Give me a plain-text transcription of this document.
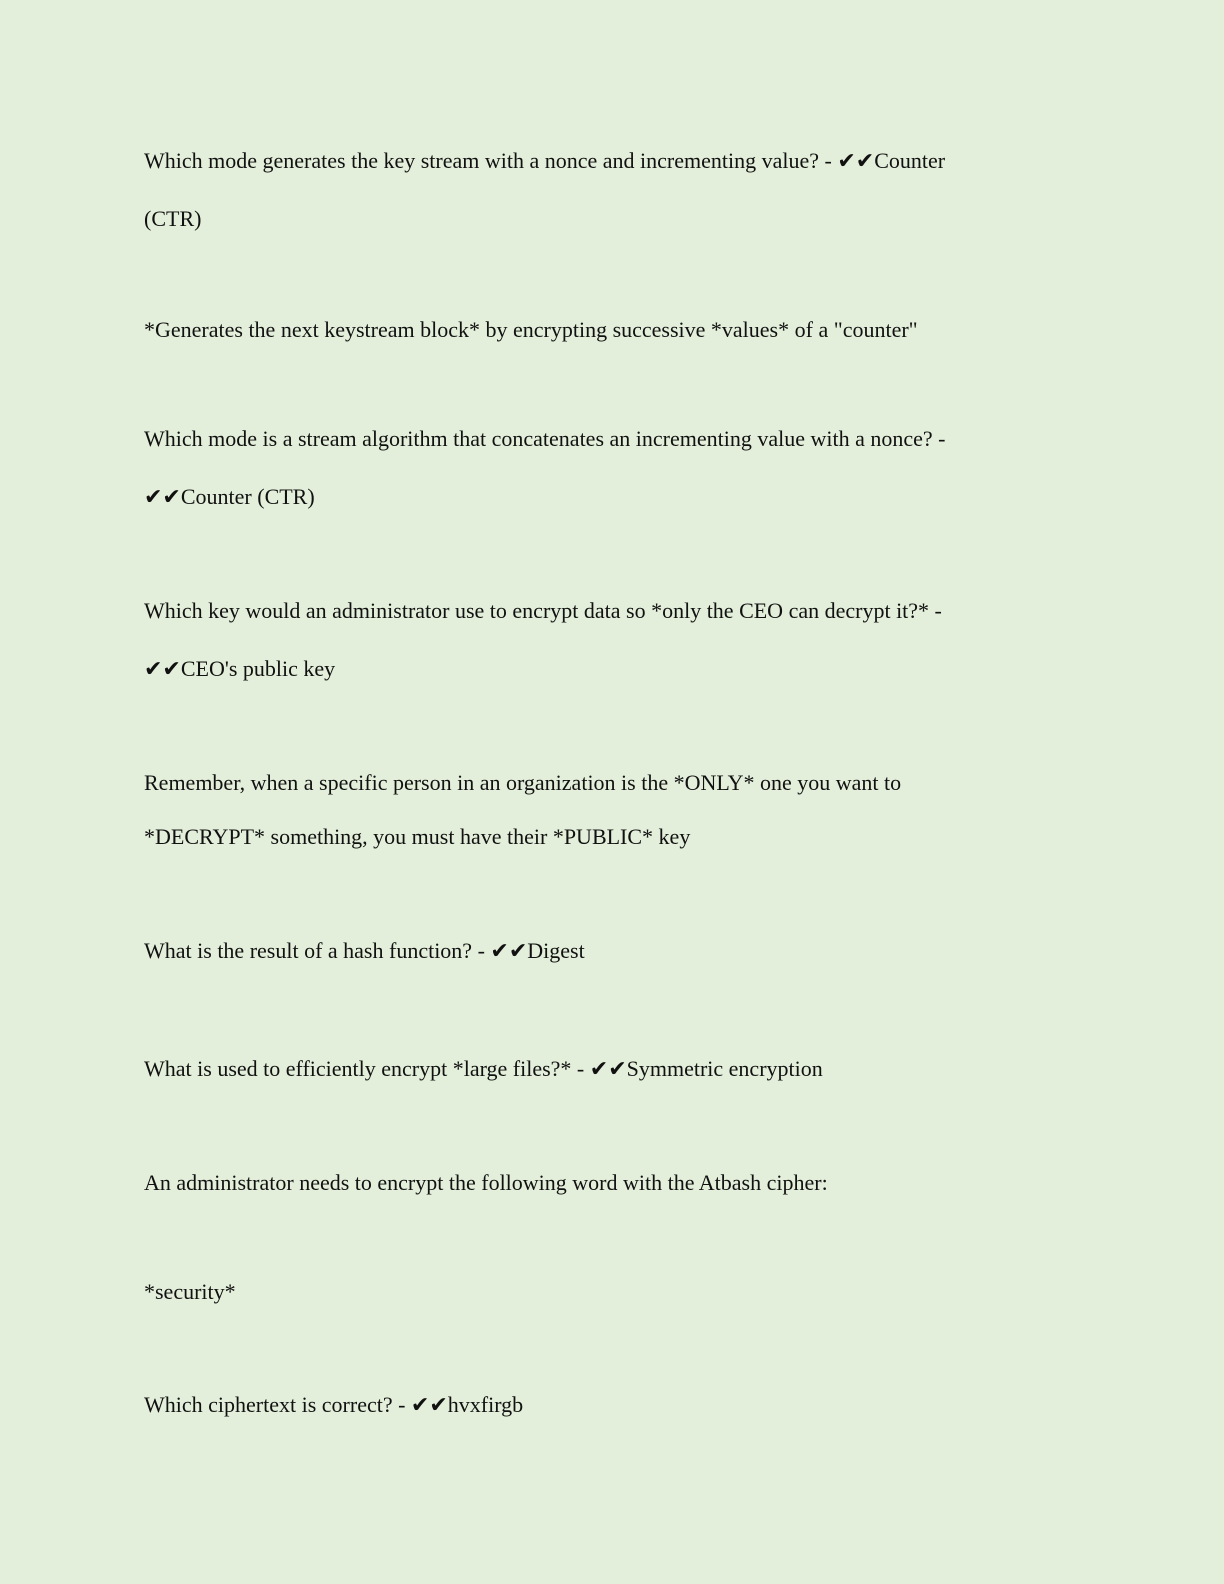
Which mode generates the key stream with a nonce and incrementing value? - ✔✔Counter
(CTR)
*Generates the next keystream block* by encrypting successive *values* of a "counter"
Which mode is a stream algorithm that concatenates an incrementing value with a nonce? -
✔✔Counter (CTR)
Which key would an administrator use to encrypt data so *only the CEO can decrypt it?* -
✔✔CEO's public key
Remember, when a specific person in an organization is the *ONLY* one you want to
*DECRYPT* something, you must have their *PUBLIC* key
What is the result of a hash function? - ✔✔Digest
What is used to efficiently encrypt *large files?* - ✔✔Symmetric encryption
An administrator needs to encrypt the following word with the Atbash cipher:
*security*
Which ciphertext is correct? - ✔✔hvxfirgb
